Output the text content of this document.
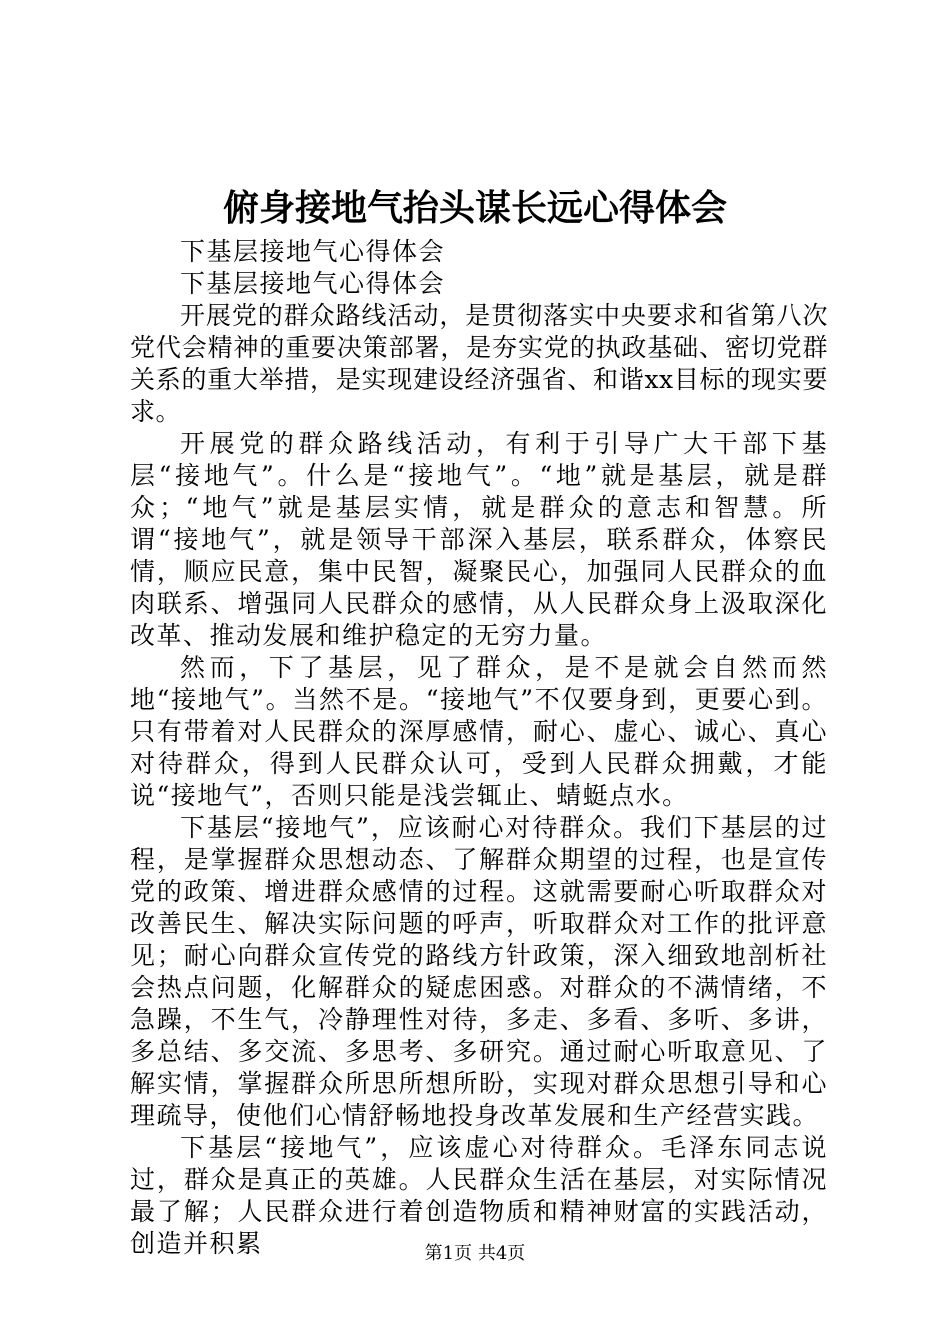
俯身接地气抬头谋长远心得体会

下基层接地气心得体会

下基层接地气心得体会

开展党的群众路线活动，是贯彻落实中央要求和省第八次党代会精神的重要决策部署，是夯实党的执政基础、密切党群关系的重大举措，是实现建设经济强省、和谐xx目标的现实要求。

开展党的群众路线活动，有利于引导广大干部下基层“接地气”。什么是“接地气”。“地”就是基层，就是群众；“地气”就是基层实情，就是群众的意志和智慧。所谓“接地气”，就是领导干部深入基层，联系群众，体察民情，顺应民意，集中民智，凝聚民心，加强同人民群众的血肉联系、增强同人民群众的感情，从人民群众身上汲取深化改革、推动发展和维护稳定的无穷力量。

然而，下了基层，见了群众，是不是就会自然而然地“接地气”。当然不是。“接地气”不仅要身到，更要心到。只有带着对人民群众的深厚感情，耐心、虚心、诚心、真心对待群众，得到人民群众认可，受到人民群众拥戴，才能说“接地气”，否则只能是浅尝辄止、蜻蜓点水。

下基层“接地气”，应该耐心对待群众。我们下基层的过程，是掌握群众思想动态、了解群众期望的过程，也是宣传党的政策、增进群众感情的过程。这就需要耐心听取群众对改善民生、解决实际问题的呼声，听取群众对工作的批评意见；耐心向群众宣传党的路线方针政策，深入细致地剖析社会热点问题，化解群众的疑虑困惑。对群众的不满情绪，不急躁，不生气，冷静理性对待，多走、多看、多听、多讲，多总结、多交流、多思考、多研究。通过耐心听取意见、了解实情，掌握群众所思所想所盼，实现对群众思想引导和心理疏导，使他们心情舒畅地投身改革发展和生产经营实践。

下基层“接地气”，应该虚心对待群众。毛泽东同志说过，群众是真正的英雄。人民群众生活在基层，对实际情况最了解；人民群众进行着创造物质和精神财富的实践活动，创造并积累	第1页 共4页
